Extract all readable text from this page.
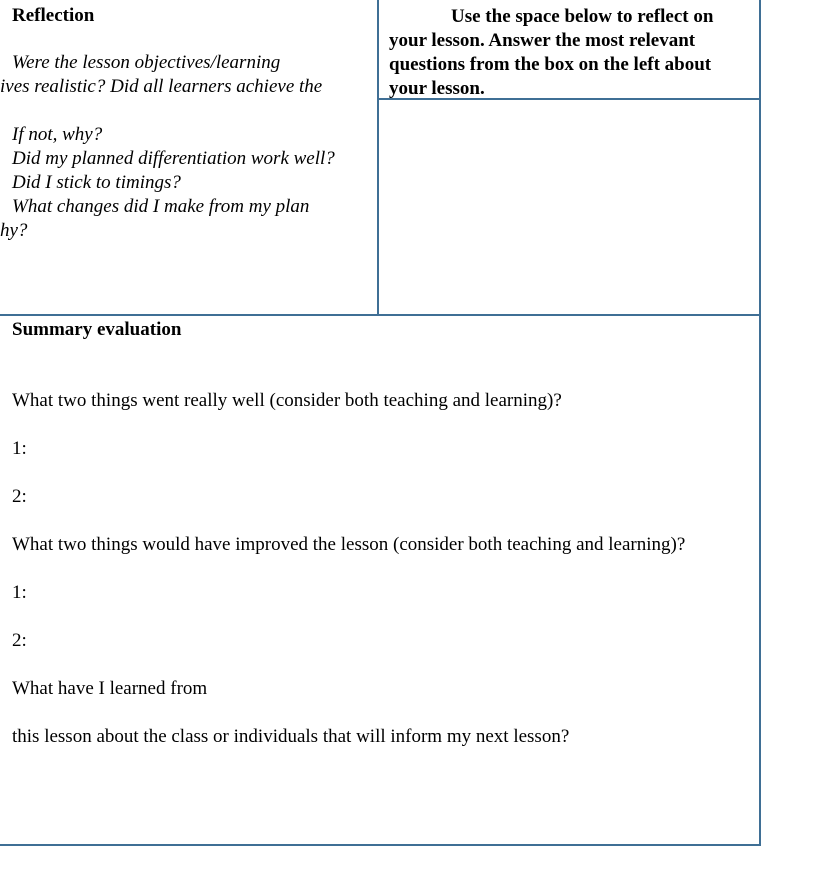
Reflection
Were the lesson objectives/learning
ives realistic? Did all learners achieve the
If not, why?
Did my planned differentiation work well?
Did I stick to timings?
What changes did I make from my plan
hy?
Use the space below to reflect on
your lesson. Answer the most relevant
questions from the box on the left about
your lesson.
Summary evaluation
What two things went really well (consider both teaching and learning)?
1:
2:
What two things would have improved the lesson (consider both teaching and learning)?
1:
2:
What have I learned from
this lesson about the class or individuals that will inform my next lesson?
